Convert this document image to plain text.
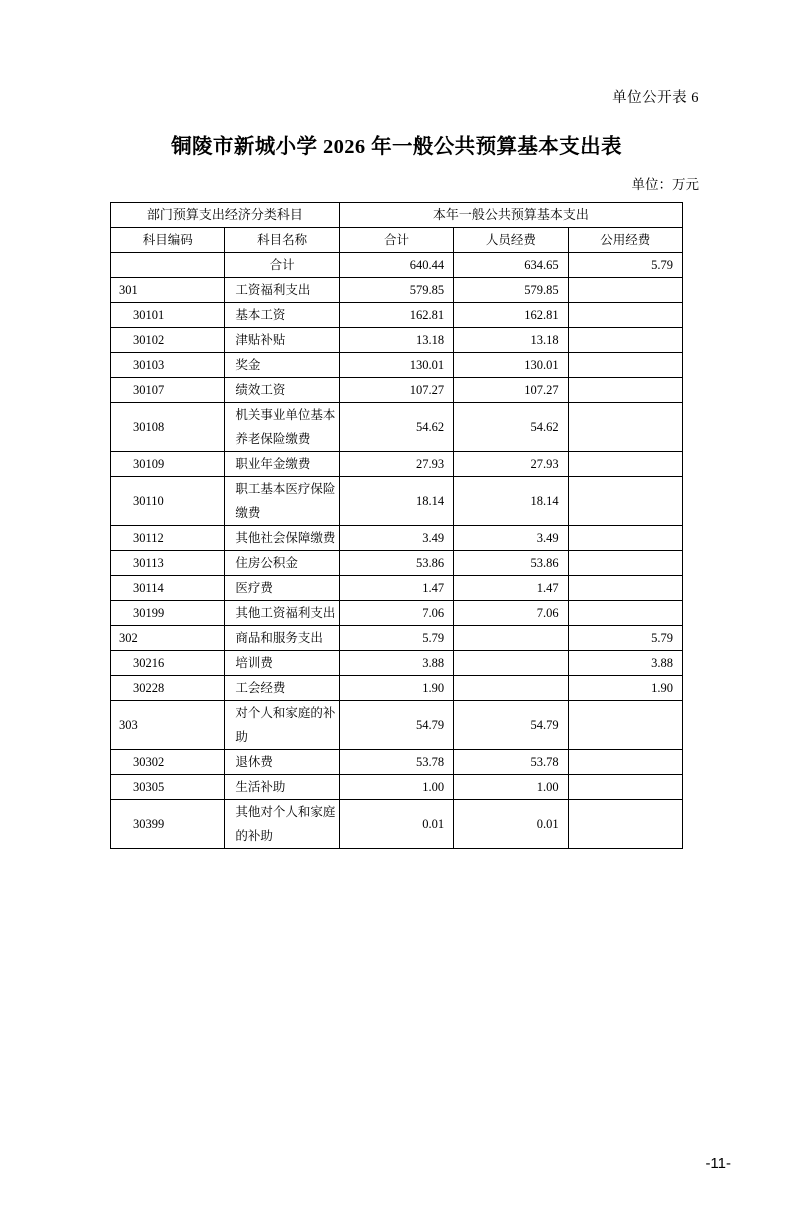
单位公开表 6
铜陵市新城小学 2026 年一般公共预算基本支出表
单位：万元
部门预算支出经济分类科目		本年一般公共预算基本支出		
科目编码	科目名称	合计	人员经费	公用经费
	合计	640.44	634.65	5.79
301	工资福利支出	579.85	579.85	
30101	基本工资	162.81	162.81	
30102	津贴补贴	13.18	13.18	
30103	奖金	130.01	130.01	
30107	绩效工资	107.27	107.27	
30108	机关事业单位基本养老保险缴费	54.62	54.62	
30109	职业年金缴费	27.93	27.93	
30110	职工基本医疗保险缴费	18.14	18.14	
30112	其他社会保障缴费	3.49	3.49	
30113	住房公积金	53.86	53.86	
30114	医疗费	1.47	1.47	
30199	其他工资福利支出	7.06	7.06	
302	商品和服务支出	5.79		5.79
30216	培训费	3.88		3.88
30228	工会经费	1.90		1.90
303	对个人和家庭的补助	54.79	54.79	
30302	退休费	53.78	53.78	
30305	生活补助	1.00	1.00	
30399	其他对个人和家庭的补助	0.01	0.01	
-11-
